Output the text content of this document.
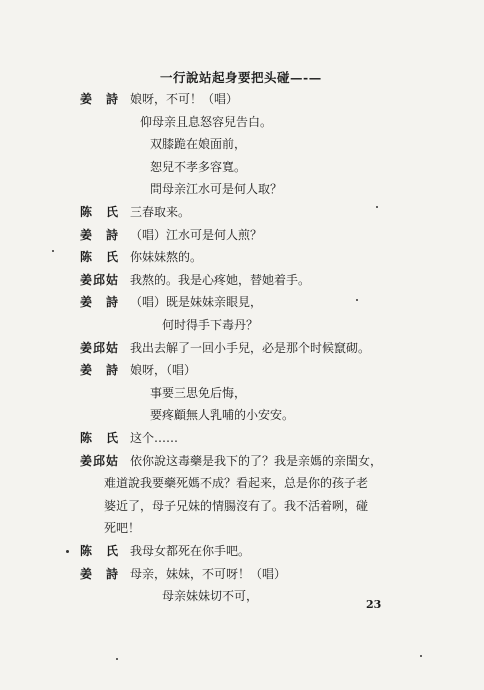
一行說站起身要把头碰—-—
姜　詩 娘呀，不可！（唱）
仰母亲且息怒容兒告白。
双膝跪在娘面前，
恕兒不孝多容寬。
問母亲江水可是何人取？
陈　氏 三春取来。
姜　詩 （唱）江水可是何人煎？
陈　氏 你妹妹熬的。
姜邱姑 我熬的。我是心疼她，替她着手。
姜　詩 （唱）既是妹妹亲眼見，
何时得手下毒丹？
姜邱姑 我出去解了一回小手兒，必是那个时候竄砌。
姜　詩 娘呀，（唱）
事要三思免后悔，
要疼顧無人乳哺的小安安。
陈　氏 这个……
姜邱姑 依你說这毒藥是我下的了？我是亲媽的亲閨女，
难道說我要藥死媽不成？看起来，总是你的孩子老
婆近了，母子兄妹的情腸沒有了。我不活着咧，碰
死吧！
陈　氏 我母女都死在你手吧。
姜　詩 母亲，妹妹，不可呀！（唱）
母亲妹妹切不可，
23
